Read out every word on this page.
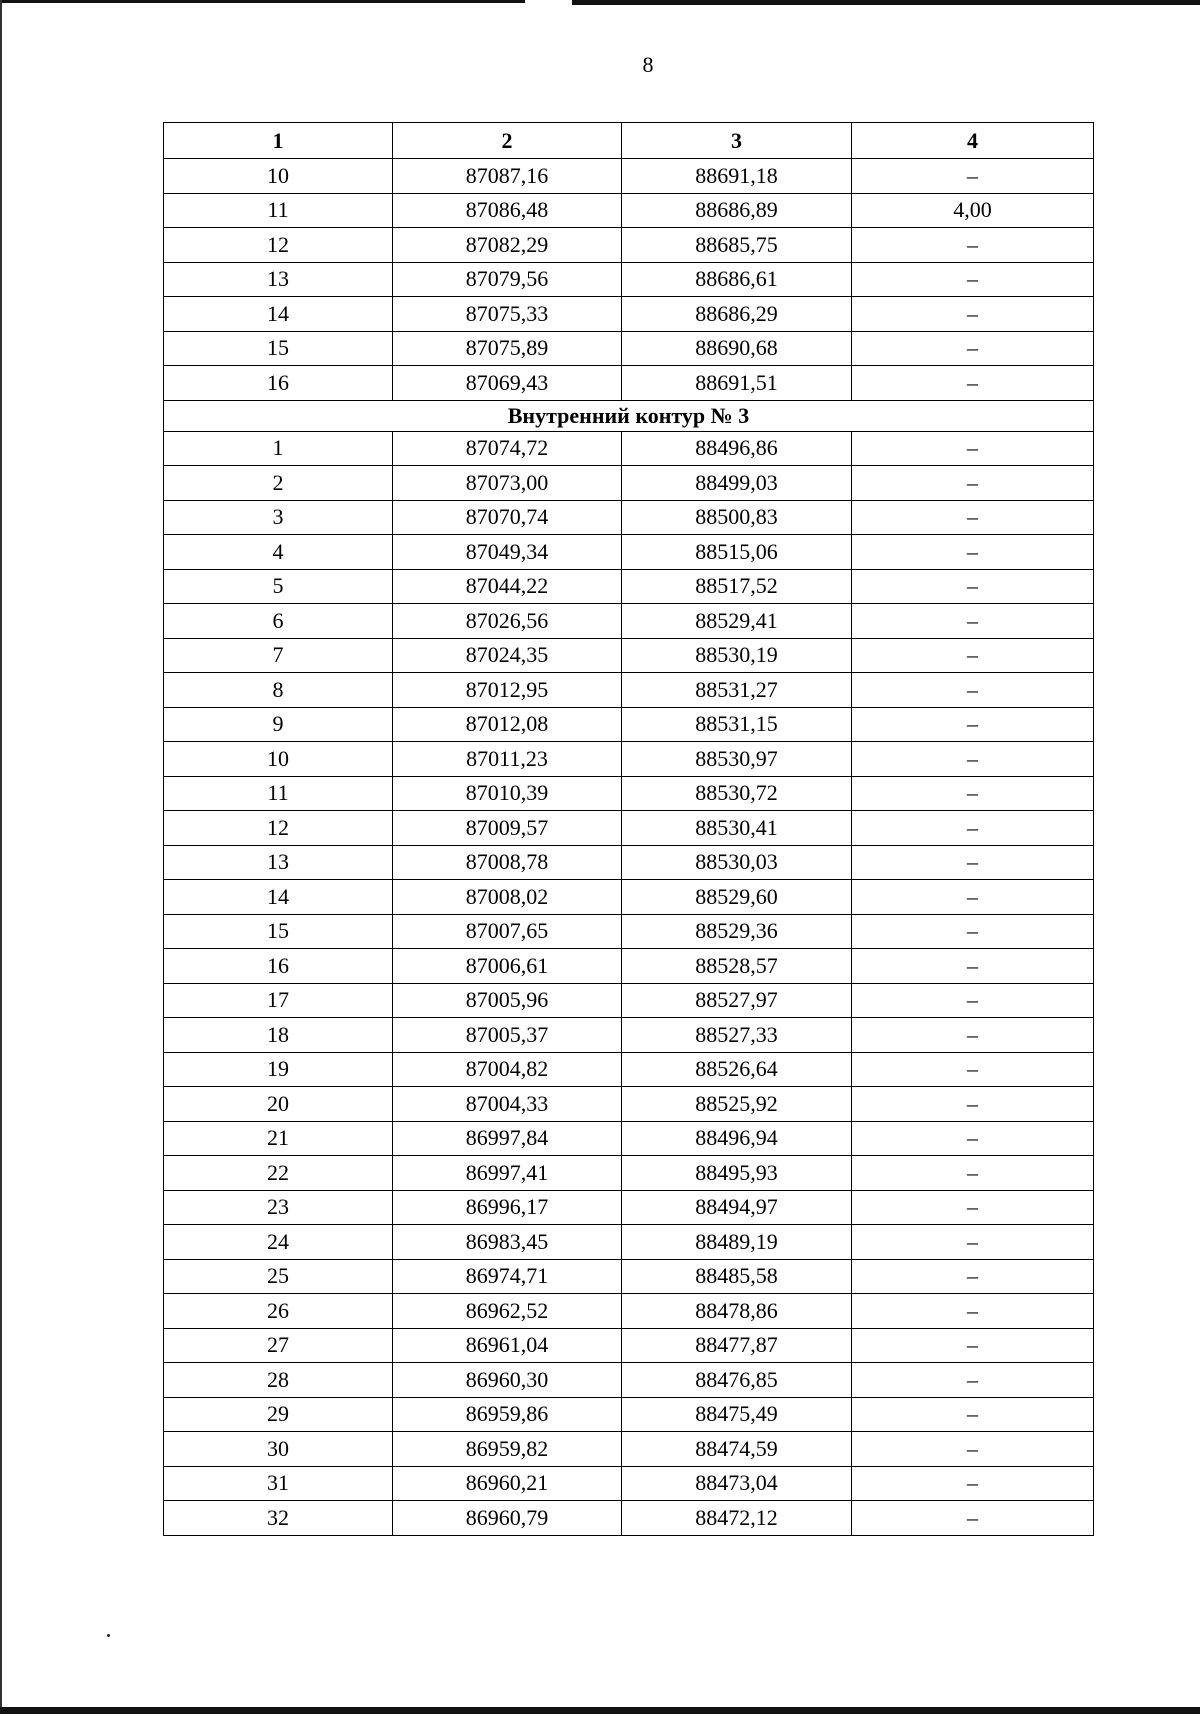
8
1	2	3	4
10	87087,16	88691,18	–
11	87086,48	88686,89	4,00
12	87082,29	88685,75	–
13	87079,56	88686,61	–
14	87075,33	88686,29	–
15	87075,89	88690,68	–
16	87069,43	88691,51	–
Внутренний контур № 3			
1	87074,72	88496,86	–
2	87073,00	88499,03	–
3	87070,74	88500,83	–
4	87049,34	88515,06	–
5	87044,22	88517,52	–
6	87026,56	88529,41	–
7	87024,35	88530,19	–
8	87012,95	88531,27	–
9	87012,08	88531,15	–
10	87011,23	88530,97	–
11	87010,39	88530,72	–
12	87009,57	88530,41	–
13	87008,78	88530,03	–
14	87008,02	88529,60	–
15	87007,65	88529,36	–
16	87006,61	88528,57	–
17	87005,96	88527,97	–
18	87005,37	88527,33	–
19	87004,82	88526,64	–
20	87004,33	88525,92	–
21	86997,84	88496,94	–
22	86997,41	88495,93	–
23	86996,17	88494,97	–
24	86983,45	88489,19	–
25	86974,71	88485,58	–
26	86962,52	88478,86	–
27	86961,04	88477,87	–
28	86960,30	88476,85	–
29	86959,86	88475,49	–
30	86959,82	88474,59	–
31	86960,21	88473,04	–
32	86960,79	88472,12	–
